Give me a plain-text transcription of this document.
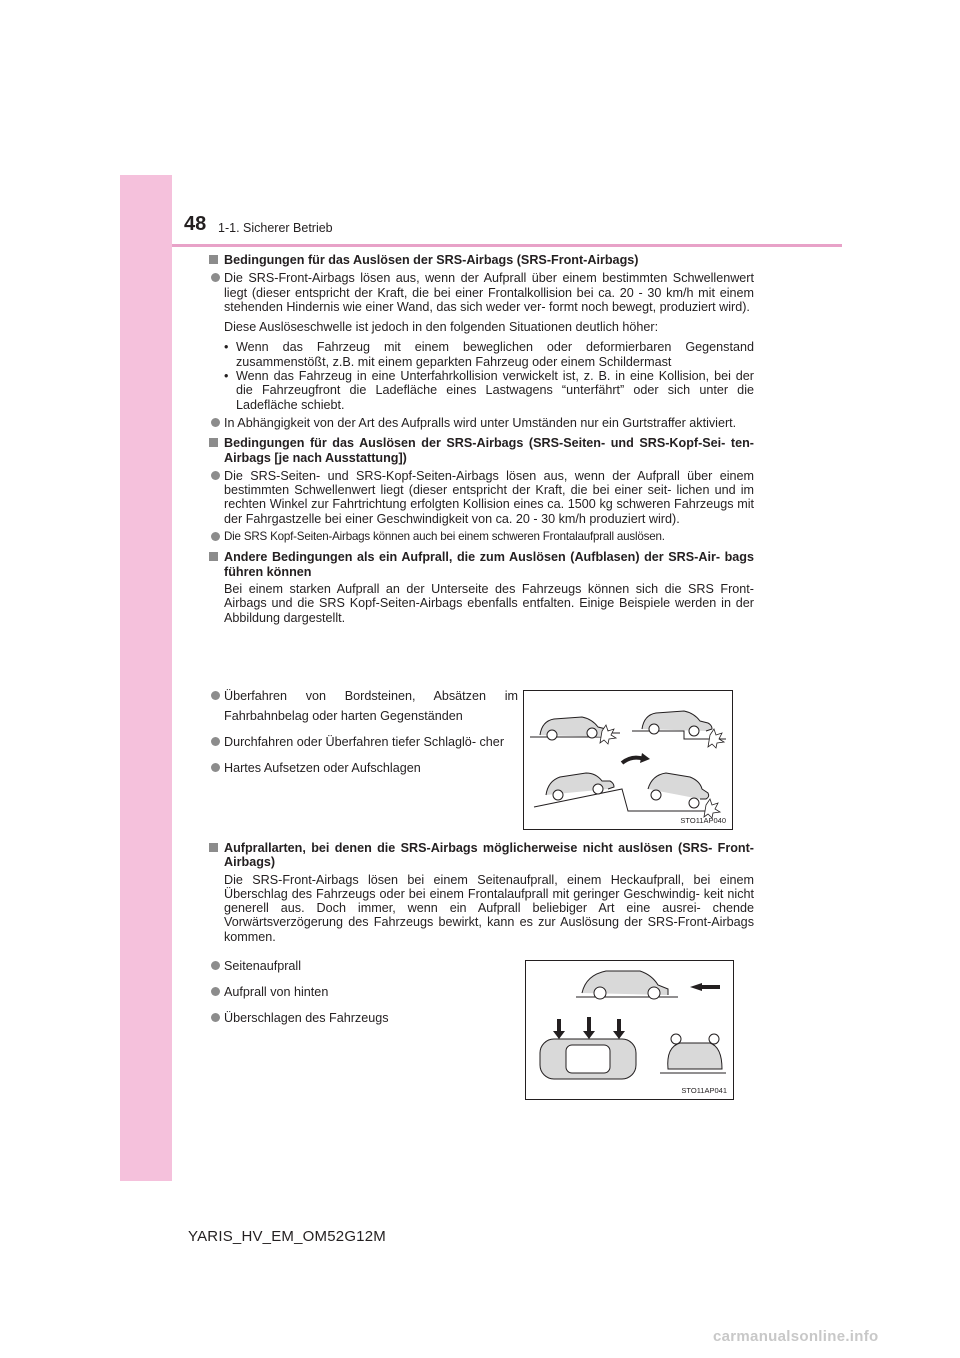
48 1-1. Sicherer Betrieb
Bedingungen für das Auslösen der SRS-Airbags (SRS-Front-Airbags)
Die SRS-Front-Airbags lösen aus, wenn der Aufprall über einem bestimmten Schwellenwert liegt (dieser entspricht der Kraft, die bei einer Frontalkollision bei ca. 20 - 30 km/h mit einem stehenden Hindernis wie einer Wand, das sich weder ver- formt noch bewegt, produziert wird).
Diese Auslöseschwelle ist jedoch in den folgenden Situationen deutlich höher:
• Wenn das Fahrzeug mit einem beweglichen oder deformierbaren Gegenstand zusammenstößt, z.B. mit einem geparkten Fahrzeug oder einem Schildermast
• Wenn das Fahrzeug in eine Unterfahrkollision verwickelt ist, z. B. in eine Kollision, bei der die Fahrzeugfront die Ladefläche eines Lastwagens “unterfährt” oder sich unter die Ladefläche schiebt.
In Abhängigkeit von der Art des Aufpralls wird unter Umständen nur ein Gurtstraffer aktiviert.
Bedingungen für das Auslösen der SRS-Airbags (SRS-Seiten- und SRS-Kopf-Sei- ten-Airbags [je nach Ausstattung])
Die SRS-Seiten- und SRS-Kopf-Seiten-Airbags lösen aus, wenn der Aufprall über einem bestimmten Schwellenwert liegt (dieser entspricht der Kraft, die bei einer seit- lichen und im rechten Winkel zur Fahrtrichtung erfolgten Kollision eines ca. 1500 kg schweren Fahrzeugs mit der Fahrgastzelle bei einer Geschwindigkeit von ca. 20 - 30 km/h produziert wird).
Die SRS Kopf-Seiten-Airbags können auch bei einem schweren Frontalaufprall auslösen.
Andere Bedingungen als ein Aufprall, die zum Auslösen (Aufblasen) der SRS-Air- bags führen können
Bei einem starken Aufprall an der Unterseite des Fahrzeugs können sich die SRS Front-Airbags und die SRS Kopf-Seiten-Airbags ebenfalls entfalten. Einige Beispiele werden in der Abbildung dargestellt.
Überfahren von Bordsteinen, Absätzen im Fahrbahnbelag oder harten Gegenständen
Durchfahren oder Überfahren tiefer Schlaglö- cher
Hartes Aufsetzen oder Aufschlagen
STO11AP040
Aufprallarten, bei denen die SRS-Airbags möglicherweise nicht auslösen (SRS- Front-Airbags)
Die SRS-Front-Airbags lösen bei einem Seitenaufprall, einem Heckaufprall, bei einem Überschlag des Fahrzeugs oder bei einem Frontalaufprall mit geringer Geschwindig- keit nicht generell aus. Doch immer, wenn ein Aufprall beliebiger Art eine ausrei- chende Vorwärtsverzögerung des Fahrzeugs bewirkt, kann es zur Auslösung der SRS-Front-Airbags kommen.
Seitenaufprall
Aufprall von hinten
Überschlagen des Fahrzeugs
STO11AP041
YARIS_HV_EM_OM52G12M
carmanualsonline.info
